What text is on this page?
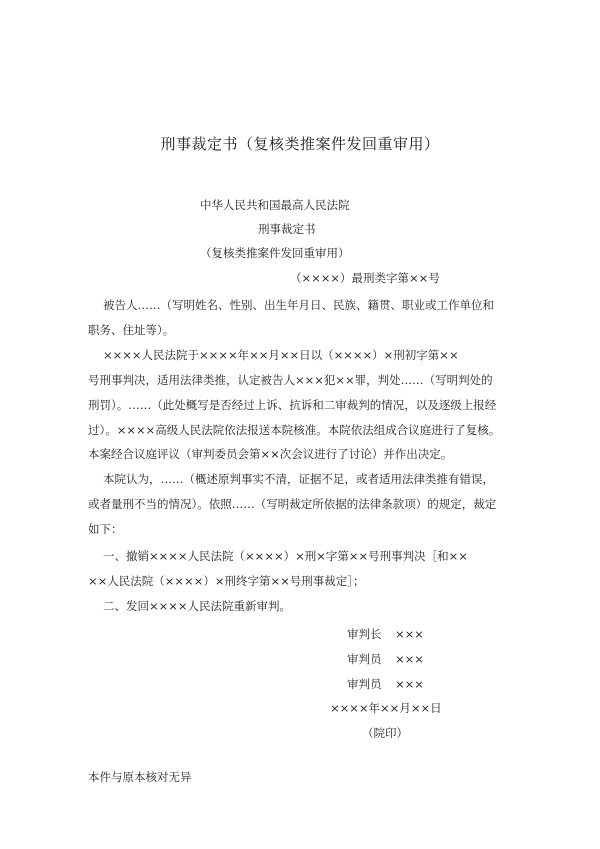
刑事裁定书（复核类推案件发回重审用）
中华人民共和国最高人民法院
刑事裁定书
（复核类推案件发回重审用）
（××××）最刑类字第××号
被告人……（写明姓名、性别、出生年月日、民族、籍贯、职业或工作单位和
职务、住址等）。
××××人民法院于××××年××月××日以（××××）×刑初字第××
号刑事判决，适用法律类推，认定被告人×××犯××罪，判处……（写明判处的
刑罚）。……（此处概写是否经过上诉、抗诉和二审裁判的情况，以及逐级上报经
过）。××××高级人民法院依法报送本院核准。本院依法组成合议庭进行了复核。
本案经合议庭评议（审判委员会第××次会议进行了讨论）并作出决定。
本院认为，……（概述原判事实不清，证据不足，或者适用法律类推有错误，
或者量刑不当的情况）。依照……（写明裁定所依据的法律条款项）的规定，裁定
如下：
一、撤销××××人民法院（××××）×刑×字第××号刑事判决［和××
××人民法院（××××）×刑终字第××号刑事裁定］；
二、发回××××人民法院重新审判。
审判长 ×××
审判员 ×××
审判员 ×××
××××年××月××日
（院印）
本件与原本核对无异
